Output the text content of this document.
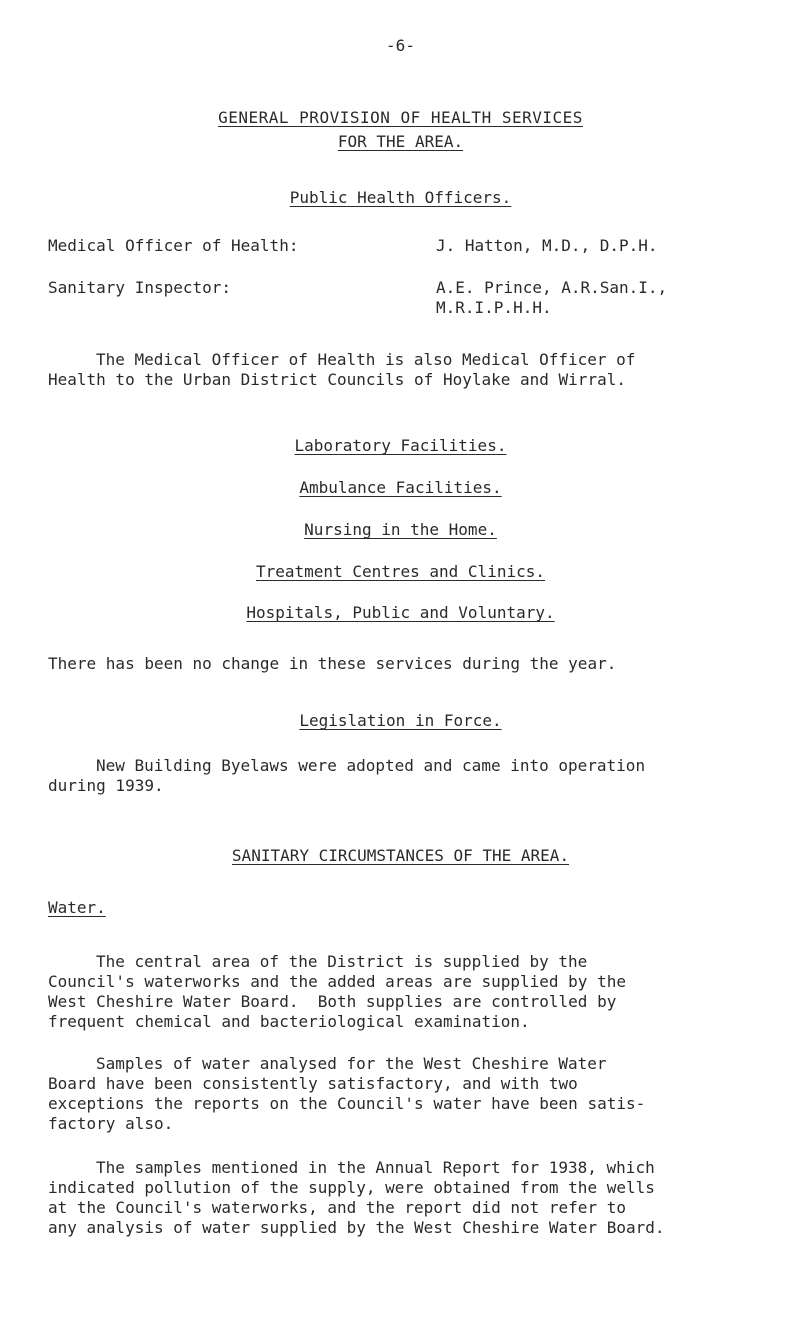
-6-
GENERAL PROVISION OF HEALTH SERVICES
FOR THE AREA.
Public Health Officers.
Medical Officer of Health:	J. Hatton, M.D., D.P.H.
Sanitary Inspector:	A.E. Prince, A.R.San.I.,
M.R.I.P.H.H.
The Medical Officer of Health is also Medical Officer of
Health to the Urban District Councils of Hoylake and Wirral.
Laboratory Facilities.
Ambulance Facilities.
Nursing in the Home.
Treatment Centres and Clinics.
Hospitals, Public and Voluntary.
There has been no change in these services during the year.
Legislation in Force.
New Building Byelaws were adopted and came into operation
during 1939.
SANITARY CIRCUMSTANCES OF THE AREA.
Water.
The central area of the District is supplied by the
Council's waterworks and the added areas are supplied by the
West Cheshire Water Board.  Both supplies are controlled by
frequent chemical and bacteriological examination.
Samples of water analysed for the West Cheshire Water
Board have been consistently satisfactory, and with two
exceptions the reports on the Council's water have been satis-
factory also.
The samples mentioned in the Annual Report for 1938, which
indicated pollution of the supply, were obtained from the wells
at the Council's waterworks, and the report did not refer to
any analysis of water supplied by the West Cheshire Water Board.
